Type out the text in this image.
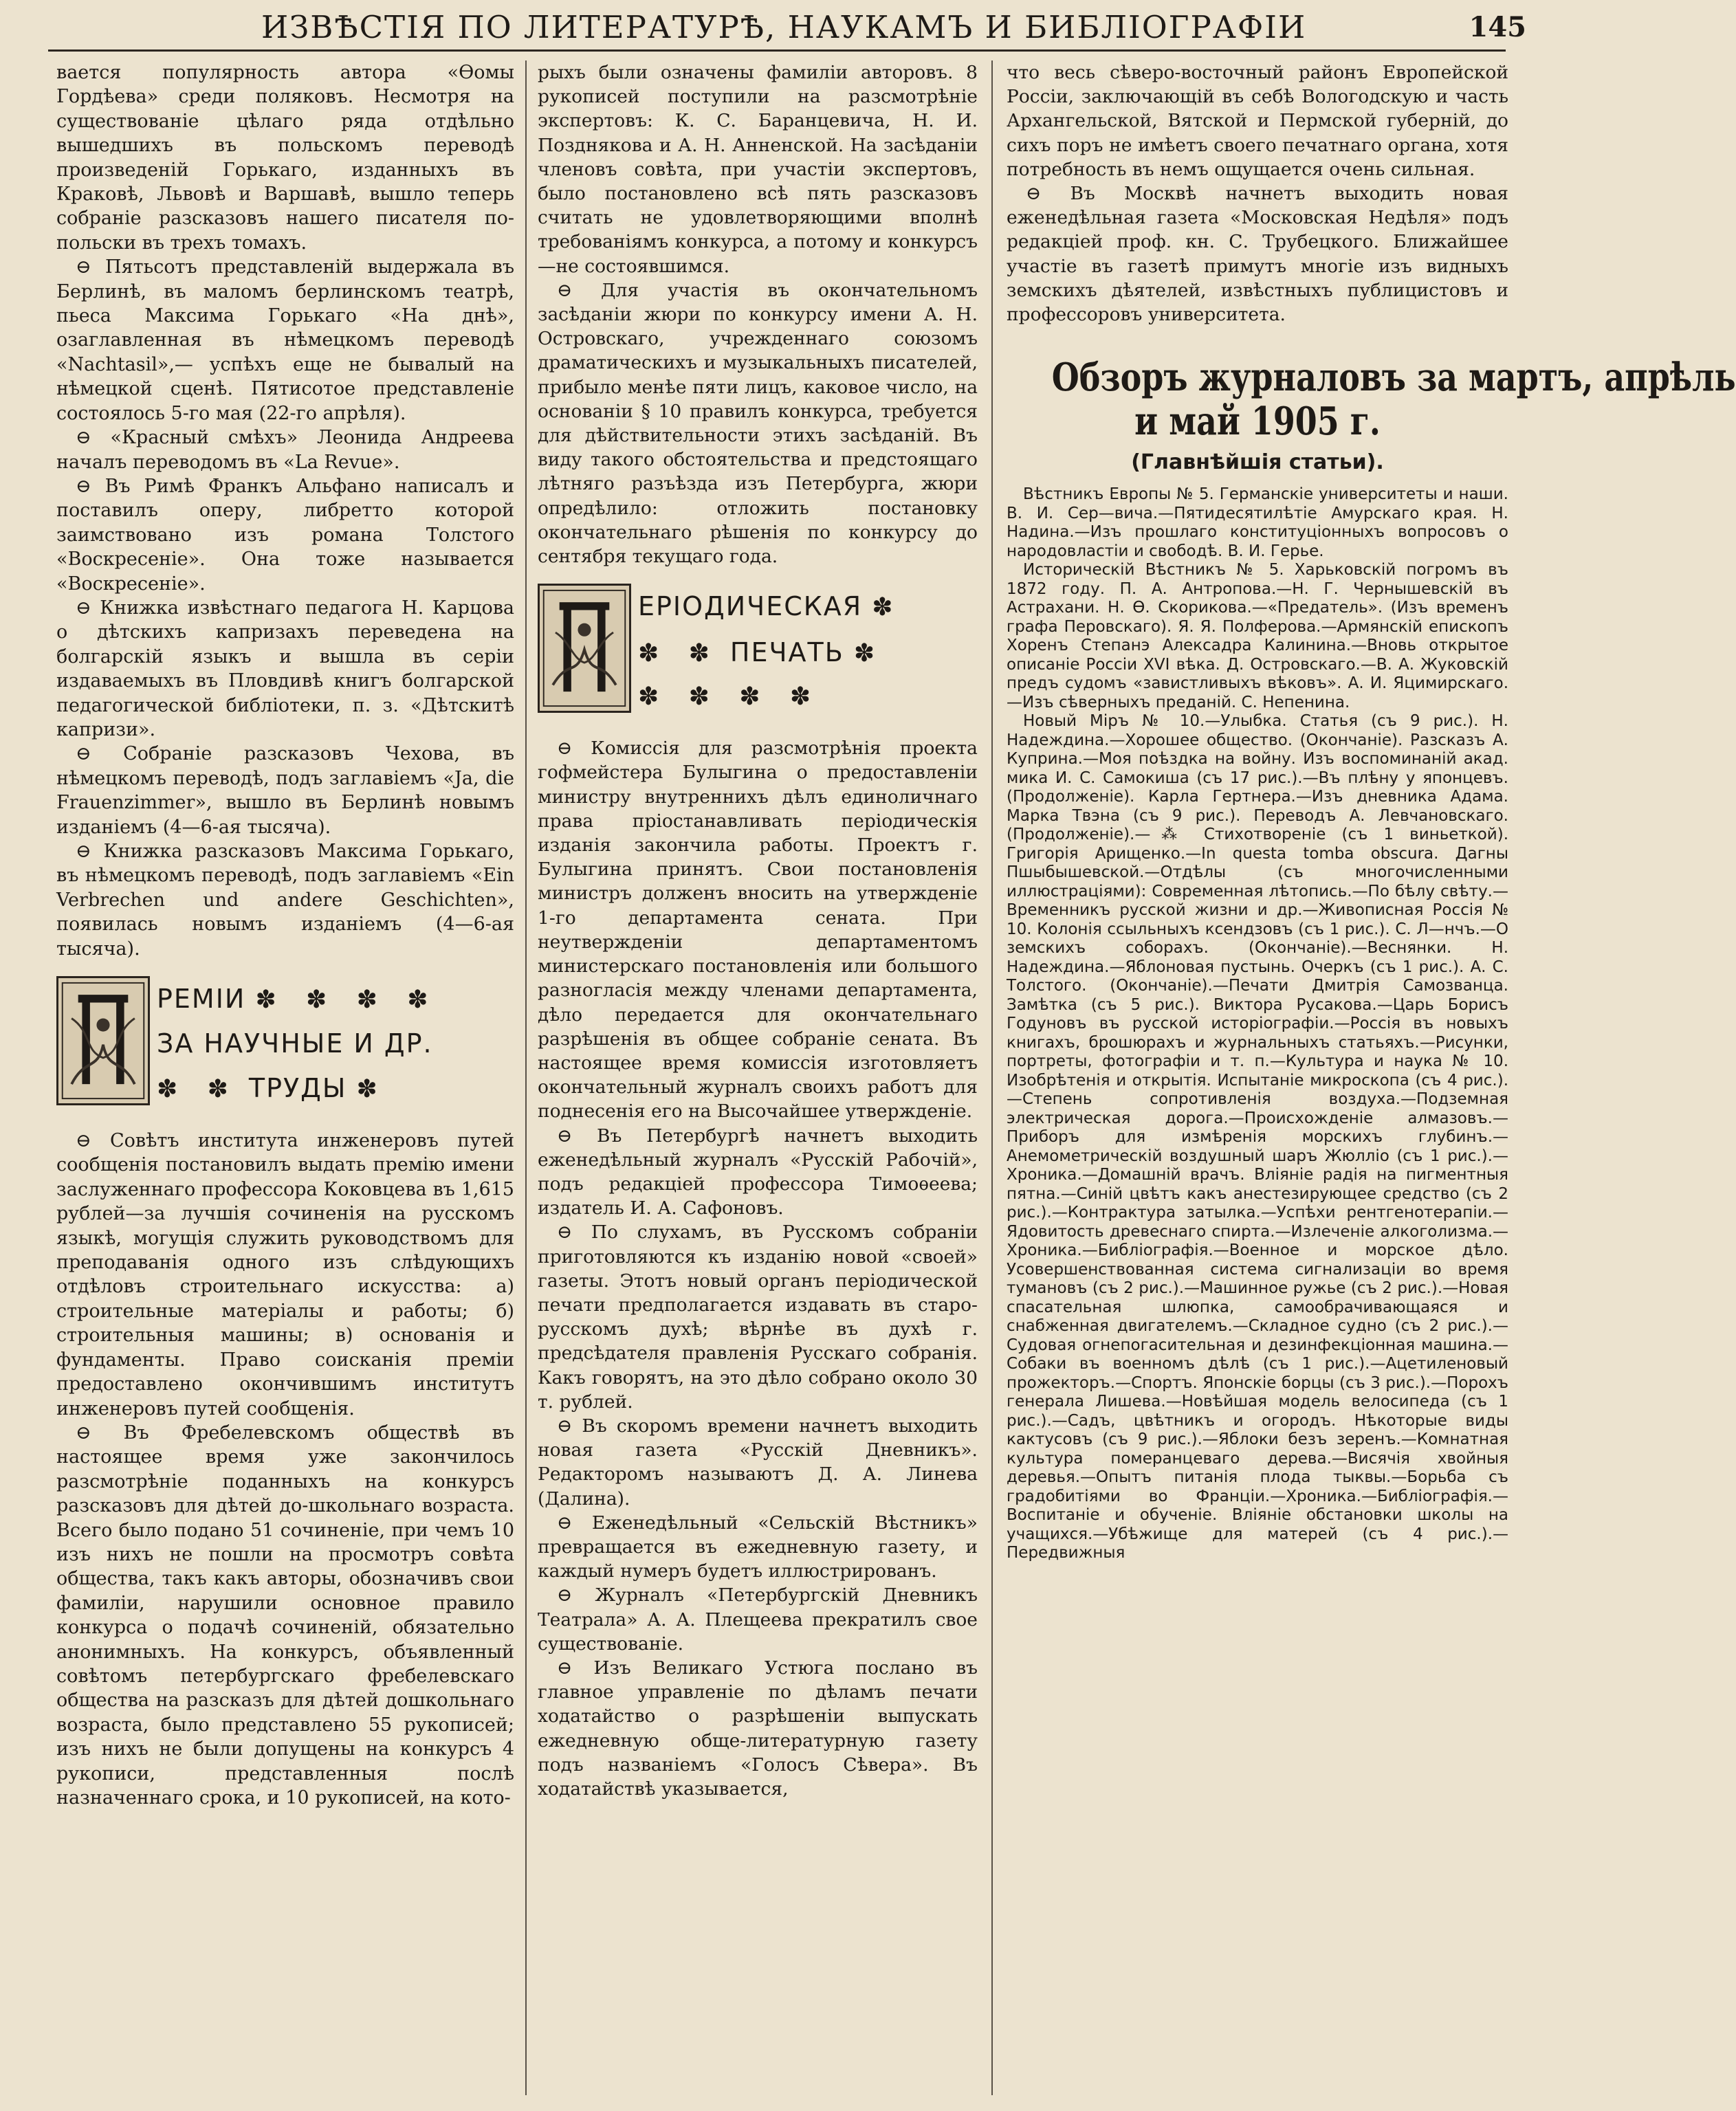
ИЗВѢСТІЯ ПО ЛИТЕРАТУРѢ, НАУКАМЪ И БИБЛІОГРАФІИ	145

вается популярность автора «Ѳомы Гордѣева» среди поляковъ. Несмотря на существованіе цѣлаго ряда отдѣльно вышедшихъ въ польскомъ переводѣ произведеній Горькаго, изданныхъ въ Краковѣ, Львовѣ и Варшавѣ, вышло теперь собраніе разсказовъ нашего писателя по-польски въ трехъ томахъ.

⊖ Пятьсотъ представленій выдержала въ Берлинѣ, въ маломъ берлинскомъ театрѣ, пьеса Максима Горькаго «На днѣ», озаглавленная въ нѣмецкомъ переводѣ «Nachtasil»,— успѣхъ еще не бывалый на нѣмецкой сценѣ. Пятисотое представленіе состоялось 5-го мая (22-го апрѣля).

⊖ «Красный смѣхъ» Леонида Андреева началъ переводомъ въ «La Revue».

⊖ Въ Римѣ Франкъ Альфано написалъ и поставилъ оперу, либретто которой заимствовано изъ романа Толстого «Воскресеніе». Она тоже называется «Воскресеніе».

⊖ Книжка извѣстнаго педагога Н. Карцова о дѣтскихъ капризахъ переведена на болгарскій языкъ и вышла въ серіи издаваемыхъ въ Пловдивѣ книгъ болгарской педагогической библіотеки, п. з. «Дѣтскитѣ капризи».

⊖ Собраніе разсказовъ Чехова, въ нѣмецкомъ переводѣ, подъ заглавіемъ «Ja, die Frauenzimmer», вышло въ Берлинѣ новымъ изданіемъ (4—6-ая тысяча).

⊖ Книжка разсказовъ Максима Горькаго, въ нѣмецкомъ переводѣ, подъ заглавіемъ «Ein Verbrechen und andere Geschichten», появилась новымъ изданіемъ (4—6-ая тысяча).

РЕМІИ ✽ ✽ ✽ ✽
ЗА НАУЧНЫЕ И ДР.
✽ ✽ ТРУДЫ ✽

⊖ Совѣтъ института инженеровъ путей сообщенія постановилъ выдать премію имени заслуженнаго профессора Коковцева въ 1,615 рублей—за лучшія сочиненія на русскомъ языкѣ, могущія служить руководствомъ для преподаванія одного изъ слѣдующихъ отдѣловъ строительнаго искусства: а) строительные матеріалы и работы; б) строительныя машины; в) основанія и фундаменты. Право соисканія преміи предоставлено окончившимъ институтъ инженеровъ путей сообщенія.

⊖ Въ Фребелевскомъ обществѣ въ настоящее время уже закончилось разсмотрѣніе поданныхъ на конкурсъ разсказовъ для дѣтей до-школьнаго возраста. Всего было подано 51 сочиненіе, при чемъ 10 изъ нихъ не пошли на просмотръ совѣта общества, такъ какъ авторы, обозначивъ свои фамиліи, нарушили основное правило конкурса о подачѣ сочиненій, обязательно анонимныхъ. На конкурсъ, объявленный совѣтомъ петербургскаго фребелевскаго общества на разсказъ для дѣтей дошкольнаго возраста, было представлено 55 рукописей; изъ нихъ не были допущены на конкурсъ 4 рукописи, представленныя послѣ назначеннаго срока, и 10 рукописей, на кото-

рыхъ были означены фамиліи авторовъ. 8 рукописей поступили на разсмотрѣніе экспертовъ: К. С. Баранцевича, Н. И. Позднякова и А. Н. Анненской. На засѣданіи членовъ совѣта, при участіи экспертовъ, было постановлено всѣ пять разсказовъ считать не удовлетворяющими вполнѣ требованіямъ конкурса, а потому и конкурсъ—не состоявшимся.

⊖ Для участія въ окончательномъ засѣданіи жюри по конкурсу имени А. Н. Островскаго, учрежденнаго союзомъ драматическихъ и музыкальныхъ писателей, прибыло менѣе пяти лицъ, каковое число, на основаніи § 10 правилъ конкурса, требуется для дѣйствительности этихъ засѣданій. Въ виду такого обстоятельства и предстоящаго лѣтняго разъѣзда изъ Петербурга, жюри опредѣлило: отложить постановку окончательнаго рѣшенія по конкурсу до сентября текущаго года.

ЕРІОДИЧЕСКАЯ ✽
✽ ✽ ПЕЧАТЬ ✽
✽ ✽ ✽ ✽

⊖ Комиссія для разсмотрѣнія проекта гофмейстера Булыгина о предоставленіи министру внутреннихъ дѣлъ единоличнаго права пріостанавливать періодическія изданія закончила работы. Проектъ г. Булыгина принятъ. Свои постановленія министръ долженъ вносить на утвержденіе 1-го департамента сената. При неутвержденіи департаментомъ министерскаго постановленія или большого разногласія между членами департамента, дѣло передается для окончательнаго разрѣшенія въ общее собраніе сената. Въ настоящее время комиссія изготовляетъ окончательный журналъ своихъ работъ для поднесенія его на Высочайшее утвержденіе.

⊖ Въ Петербургѣ начнетъ выходить еженедѣльный журналъ «Русскій Рабочій», подъ редакціей профессора Тимоѳеева; издатель И. А. Сафоновъ.

⊖ По слухамъ, въ Русскомъ собраніи приготовляются къ изданію новой «своей» газеты. Этотъ новый органъ періодической печати предполагается издавать въ старо-русскомъ духѣ; вѣрнѣе въ духѣ г. предсѣдателя правленія Русскаго собранія. Какъ говорятъ, на это дѣло собрано около 30 т. рублей.

⊖ Въ скоромъ времени начнетъ выходить новая газета «Русскій Дневникъ». Редакторомъ называютъ Д. А. Линева (Далина).

⊖ Еженедѣльный «Сельскій Вѣстникъ» превращается въ ежедневную газету, и каждый нумеръ будетъ иллюстрированъ.

⊖ Журналъ «Петербургскій Дневникъ Театрала» А. А. Плещеева прекратилъ свое существованіе.

⊖ Изъ Великаго Устюга послано въ главное управленіе по дѣламъ печати ходатайство о разрѣшеніи выпускать ежедневную обще-литературную газету подъ названіемъ «Голосъ Сѣвера». Въ ходатайствѣ указывается,

что весь сѣверо-восточный районъ Европейской Россіи, заключающій въ себѣ Вологодскую и часть Архангельской, Вятской и Пермской губерній, до сихъ поръ не имѣетъ своего печатнаго органа, хотя потребность въ немъ ощущается очень сильная.

⊖ Въ Москвѣ начнетъ выходить новая еженедѣльная газета «Московская Недѣля» подъ редакціей проф. кн. С. Трубецкого. Ближайшее участіе въ газетѣ примутъ многіе изъ видныхъ земскихъ дѣятелей, извѣстныхъ публицистовъ и профессоровъ университета.

Обзоръ журналовъ за мартъ, апрѣль
и май 1905 г.
(Главнѣйшія статьи).

Вѣстникъ Европы № 5. Германскіе университеты и наши. В. И. Сер—вича.—Пятидесятилѣтіе Амурскаго края. Н. Надина.—Изъ прошлаго конституціонныхъ вопросовъ о народовластіи и свободѣ. В. И. Герье.

Историческій Вѣстникъ № 5. Харьковскій погромъ въ 1872 году. П. А. Антропова.—Н. Г. Чернышевскій въ Астрахани. Н. Ѳ. Скорикова.—«Предатель». (Изъ временъ графа Перовскаго). Я. Я. Полферова.—Армянскій епископъ Хоренъ Степанэ Алексадра Калинина.—Вновь открытое описаніе Россіи XVI вѣка. Д. Островскаго.—В. А. Жуковскій предъ судомъ «завистливыхъ вѣковъ». А. И. Яцимирскаго.—Изъ сѣверныхъ преданій. С. Непенина.

Новый Міръ № 10.—Улыбка. Статья (съ 9 рис.). Н. Надеждина.—Хорошее общество. (Окончаніе). Разсказъ А. Куприна.—Моя поѣздка на войну. Изъ воспоминаній акад. мика И. С. Самокиша (съ 17 рис.).—Въ плѣну у японцевъ. (Продолженіе). Карла Гертнера.—Изъ дневника Адама. Марка Твэна (съ 9 рис.). Переводъ А. Левчановскаго. (Продолженіе).—⁂ Стихотвореніе (съ 1 виньеткой). Григорія Арищенко.—In questa tomba obscura. Дагны Пшыбышевской.—Отдѣлы (съ многочисленными иллюстраціями): Современная лѣтопись.—По бѣлу свѣту.—Временникъ русской жизни и др.—Живописная Россія № 10. Колонія ссыльныхъ ксендзовъ (съ 1 рис.). С. Л—нчъ.—О земскихъ соборахъ. (Окончаніе).—Веснянки. Н. Надеждина.—Яблоновая пустынь. Очеркъ (съ 1 рис.). А. С. Толстого. (Окончаніе).—Печати Дмитрія Самозванца. Замѣтка (съ 5 рис.). Виктора Русакова.—Царь Борисъ Годуновъ въ русской исторіографіи.—Россія въ новыхъ книгахъ, брошюрахъ и журнальныхъ статьяхъ.—Рисунки, портреты, фотографіи и т. п.—Культура и наука № 10. Изобрѣтенія и открытія. Испытаніе микроскопа (съ 4 рис.).—Степень сопротивленія воздуха.—Подземная электрическая дорога.—Происхожденіе алмазовъ.—Приборъ для измѣренія морскихъ глубинъ.—Анемометрическій воздушный шаръ Жюлліо (съ 1 рис.).—Хроника.—Домашній врачъ. Вліяніе радія на пигментныя пятна.—Синій цвѣтъ какъ анестезирующее средство (съ 2 рис.).—Контрактура затылка.—Успѣхи рентгенотерапіи.—Ядовитость древеснаго спирта.—Излеченіе алкоголизма.—Хроника.—Библіографія.—Военное и морское дѣло. Усовершенствованная система сигнализаціи во время тумановъ (съ 2 рис.).—Машинное ружье (съ 2 рис.).—Новая спасательная шлюпка, самообрачивающаяся и снабженная двигателемъ.—Складное судно (съ 2 рис.).—Судовая огнепогасительная и дезинфекціонная машина.—Собаки въ военномъ дѣлѣ (съ 1 рис.).—Ацетиленовый прожекторъ.—Спортъ. Японскіе борцы (съ 3 рис.).—Порохъ генерала Лишева.—Новѣйшая модель велосипеда (съ 1 рис.).—Садъ, цвѣтникъ и огородъ. Нѣкоторые виды кактусовъ (съ 9 рис.).—Яблоки безъ зеренъ.—Комнатная культура померанцеваго дерева.—Висячія хвойныя деревья.—Опытъ питанія плода тыквы.—Борьба съ градобитіями во Франціи.—Хроника.—Библіографія.—Воспитаніе и обученіе. Вліяніе обстановки школы на учащихся.—Убѣжище для матерей (съ 4 рис.).—Передвижныя
